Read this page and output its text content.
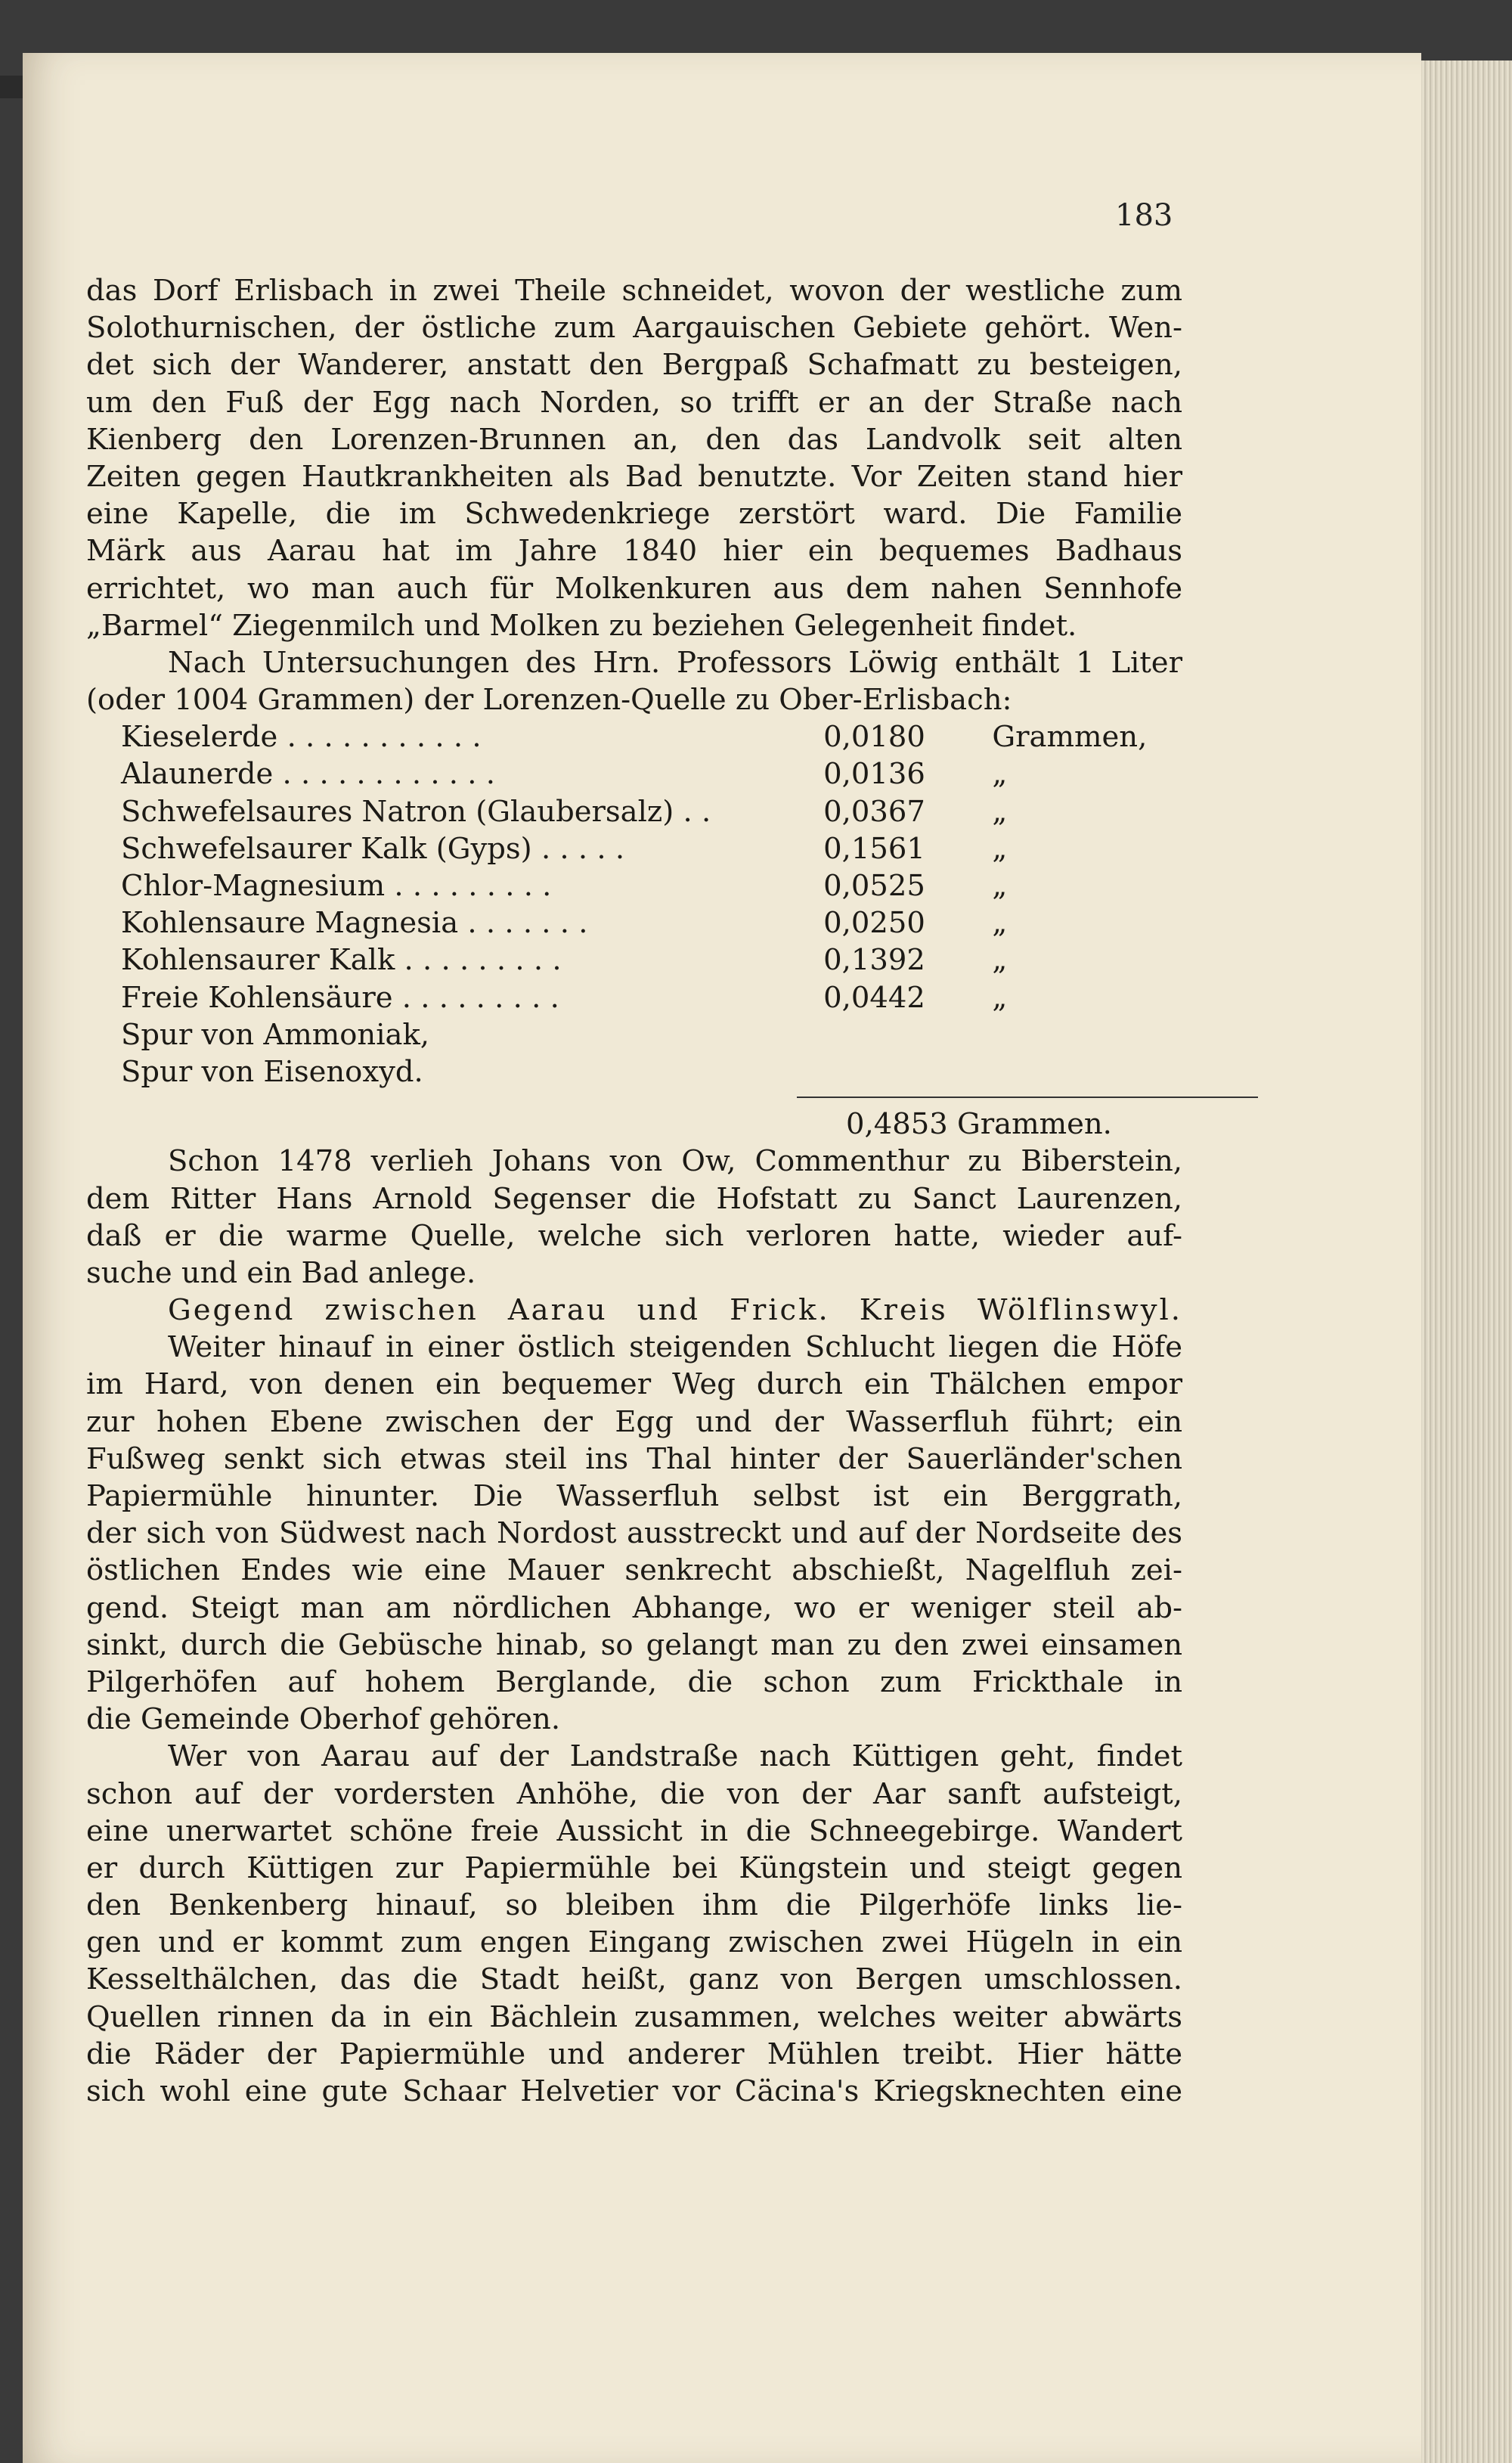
183
das Dorf Erlisbach in zwei Theile schneidet, wovon der westliche zum
Solothurnischen, der östliche zum Aargauischen Gebiete gehört. Wen-
det sich der Wanderer, anstatt den Bergpaß Schafmatt zu besteigen,
um den Fuß der Egg nach Norden, so trifft er an der Straße nach
Kienberg den Lorenzen-Brunnen an, den das Landvolk seit alten
Zeiten gegen Hautkrankheiten als Bad benutzte. Vor Zeiten stand hier
eine Kapelle, die im Schwedenkriege zerstört ward. Die Familie
Märk aus Aarau hat im Jahre 1840 hier ein bequemes Badhaus
errichtet, wo man auch für Molkenkuren aus dem nahen Sennhofe
„Barmel“ Ziegenmilch und Molken zu beziehen Gelegenheit findet.
Nach Untersuchungen des Hrn. Professors Löwig enthält 1 Liter
(oder 1004 Grammen) der Lorenzen-Quelle zu Ober-Erlisbach:
Kieselerde . . . . . . . . . . .	0,0180	Grammen,
Alaunerde . . . . . . . . . . . .	0,0136	„
Schwefelsaures Natron (Glaubersalz) . .	0,0367	„
Schwefelsaurer Kalk (Gyps) . . . . .	0,1561	„
Chlor-Magnesium . . . . . . . . .	0,0525	„
Kohlensaure Magnesia . . . . . . .	0,0250	„
Kohlensaurer Kalk . . . . . . . . .	0,1392	„
Freie Kohlensäure . . . . . . . . .	0,0442	„
Spur von Ammoniak,
Spur von Eisenoxyd.
0,4853 Grammen.
Schon 1478 verlieh Johans von Ow, Commenthur zu Biberstein,
dem Ritter Hans Arnold Segenser die Hofstatt zu Sanct Laurenzen,
daß er die warme Quelle, welche sich verloren hatte, wieder auf-
suche und ein Bad anlege.
Gegend zwischen Aarau und Frick. Kreis Wölflinswyl.
Weiter hinauf in einer östlich steigenden Schlucht liegen die Höfe
im Hard, von denen ein bequemer Weg durch ein Thälchen empor
zur hohen Ebene zwischen der Egg und der Wasserfluh führt; ein
Fußweg senkt sich etwas steil ins Thal hinter der Sauerländer'schen
Papiermühle hinunter. Die Wasserfluh selbst ist ein Berggrath,
der sich von Südwest nach Nordost ausstreckt und auf der Nordseite des
östlichen Endes wie eine Mauer senkrecht abschießt, Nagelfluh zei-
gend. Steigt man am nördlichen Abhange, wo er weniger steil ab-
sinkt, durch die Gebüsche hinab, so gelangt man zu den zwei einsamen
Pilgerhöfen auf hohem Berglande, die schon zum Frickthale in
die Gemeinde Oberhof gehören.
Wer von Aarau auf der Landstraße nach Küttigen geht, findet
schon auf der vordersten Anhöhe, die von der Aar sanft aufsteigt,
eine unerwartet schöne freie Aussicht in die Schneegebirge. Wandert
er durch Küttigen zur Papiermühle bei Küngstein und steigt gegen
den Benkenberg hinauf, so bleiben ihm die Pilgerhöfe links lie-
gen und er kommt zum engen Eingang zwischen zwei Hügeln in ein
Kesselthälchen, das die Stadt heißt, ganz von Bergen umschlossen.
Quellen rinnen da in ein Bächlein zusammen, welches weiter abwärts
die Räder der Papiermühle und anderer Mühlen treibt. Hier hätte
sich wohl eine gute Schaar Helvetier vor Cäcina's Kriegsknechten eine
